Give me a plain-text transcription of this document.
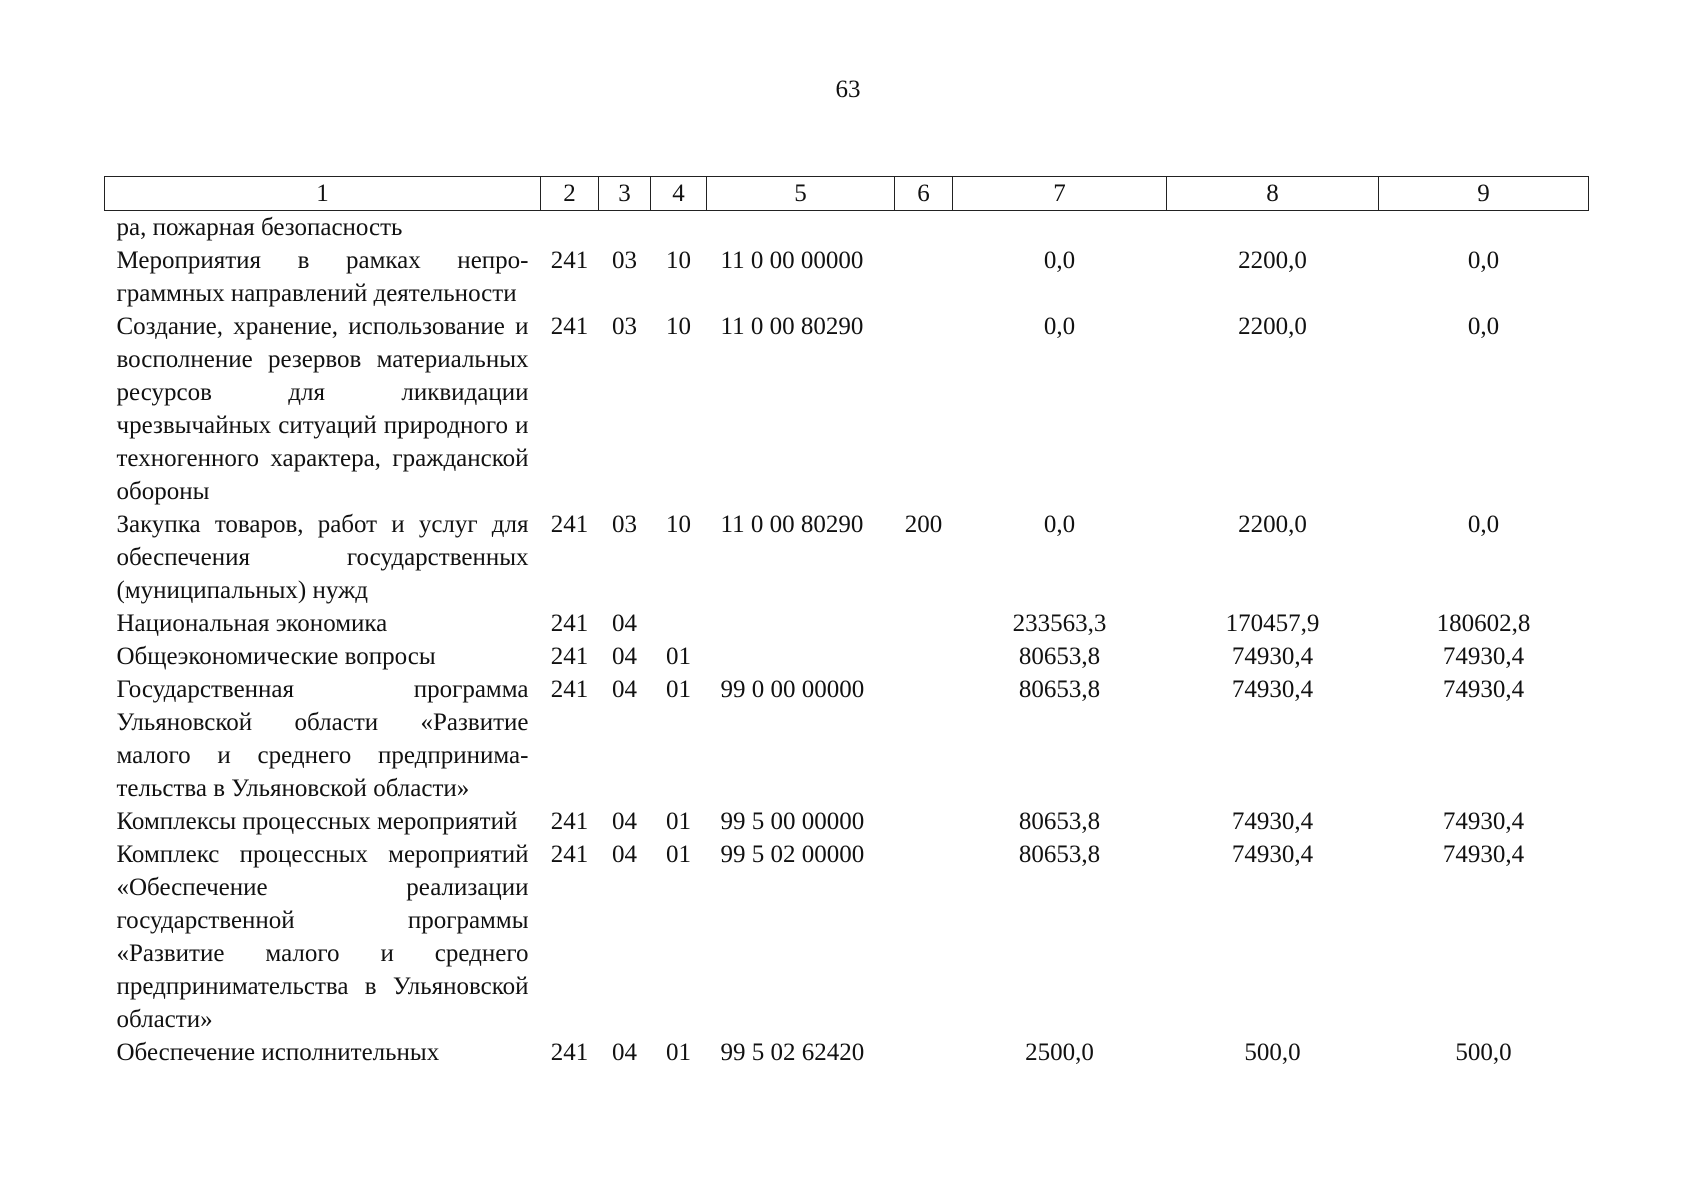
63
1	2	3	4	5	6	7	8	9
ра, пожарная безопасность								
Мероприятия в рамках непрограммных направлений деятельности	241	03	10	11 0 00 00000		0,0	2200,0	0,0
Создание, хранение, использование и восполнение резервов материальных ресурсов для ликвидации чрезвычайных ситуаций природного и техногенного характера, гражданской обороны	241	03	10	11 0 00 80290		0,0	2200,0	0,0
Закупка товаров, работ и услуг для обеспечения государственных (муниципальных) нужд	241	03	10	11 0 00 80290	200	0,0	2200,0	0,0
Национальная экономика	241	04				233563,3	170457,9	180602,8
Общеэкономические вопросы	241	04	01			80653,8	74930,4	74930,4
Государственная программа Ульяновской области «Развитие малого и среднего предпринимательства в Ульяновской области»	241	04	01	99 0 00 00000		80653,8	74930,4	74930,4
Комплексы процессных мероприятий	241	04	01	99 5 00 00000		80653,8	74930,4	74930,4
Комплекс процессных мероприятий «Обеспечение реализации государственной программы «Развитие малого и среднего предпринимательства в Ульяновской области»	241	04	01	99 5 02 00000		80653,8	74930,4	74930,4
Обеспечение исполнительных	241	04	01	99 5 02 62420		2500,0	500,0	500,0
